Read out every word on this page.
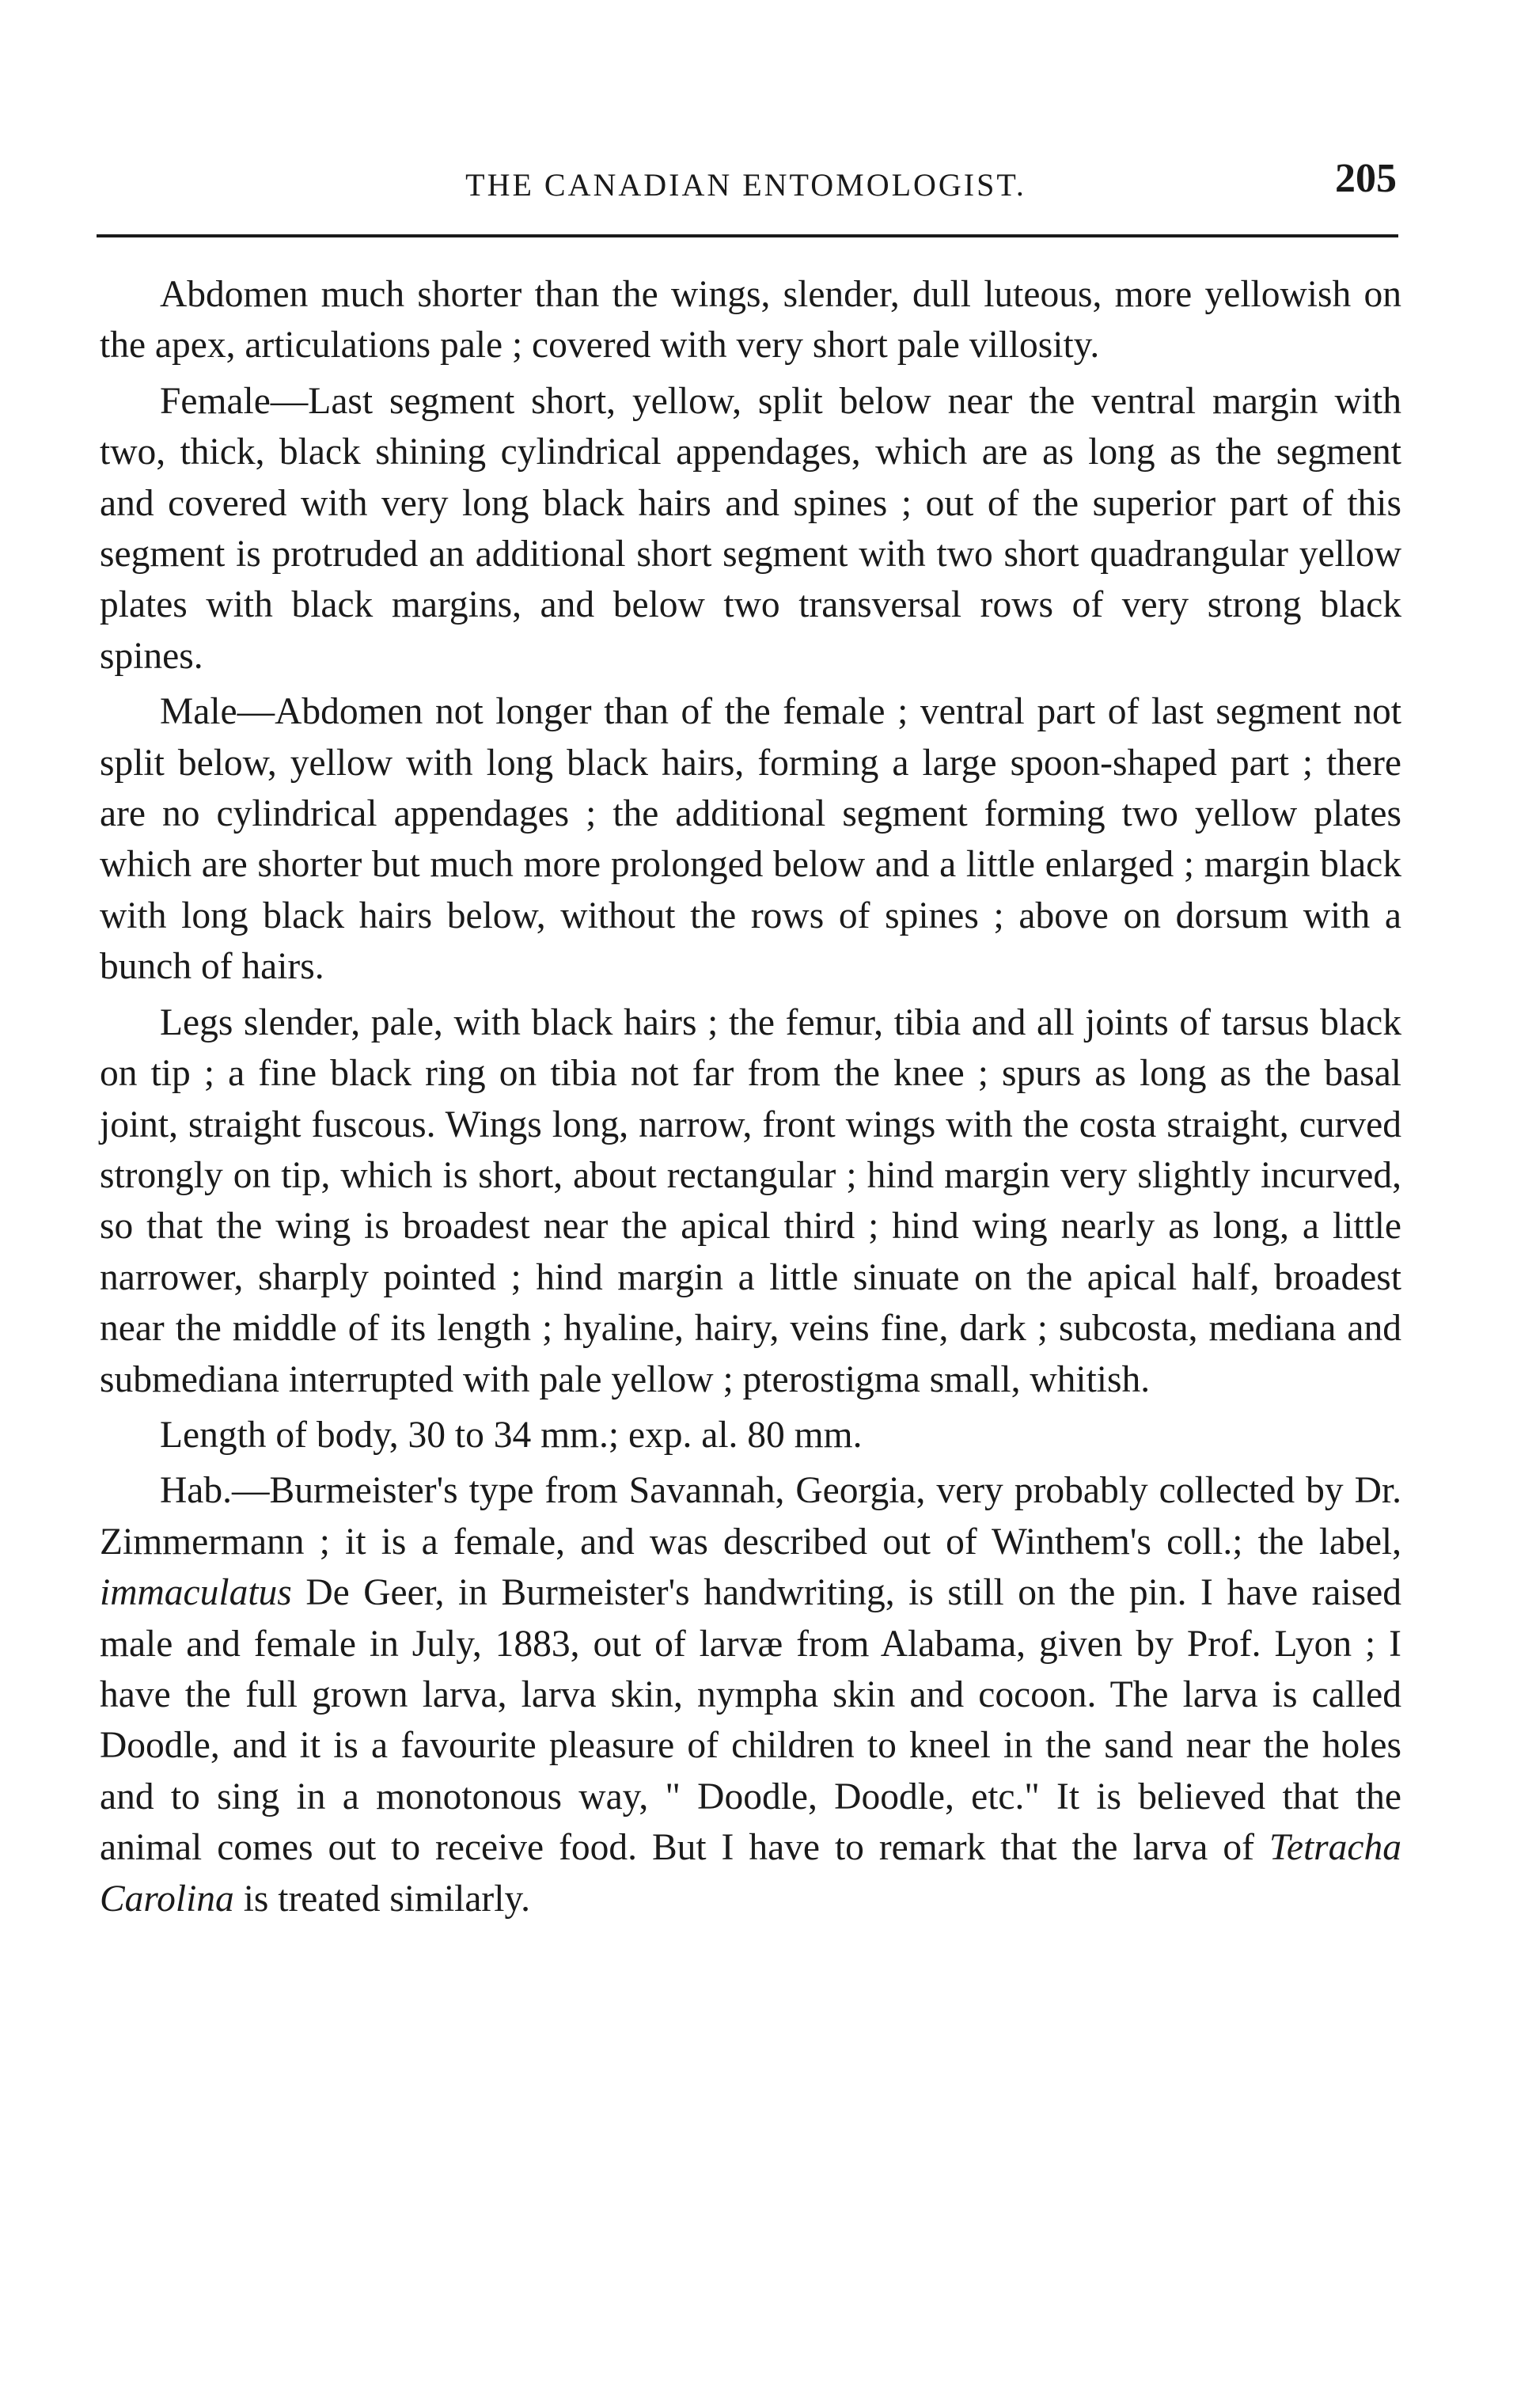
THE CANADIAN ENTOMOLOGIST.	205

Abdomen much shorter than the wings, slender, dull luteous, more yellowish on the apex, articulations pale ; covered with very short pale villosity.

Female—Last segment short, yellow, split below near the ventral margin with two, thick, black shining cylindrical appendages, which are as long as the segment and covered with very long black hairs and spines ; out of the superior part of this segment is protruded an additional short segment with two short quadrangular yellow plates with black margins, and below two transversal rows of very strong black spines.

Male—Abdomen not longer than of the female ; ventral part of last segment not split below, yellow with long black hairs, forming a large spoon-shaped part ; there are no cylindrical appendages ; the additional segment forming two yellow plates which are shorter but much more prolonged below and a little enlarged ; margin black with long black hairs below, without the rows of spines ; above on dorsum with a bunch of hairs.

Legs slender, pale, with black hairs ; the femur, tibia and all joints of tarsus black on tip ; a fine black ring on tibia not far from the knee ; spurs as long as the basal joint, straight fuscous. Wings long, narrow, front wings with the costa straight, curved strongly on tip, which is short, about rectangular ; hind margin very slightly incurved, so that the wing is broadest near the apical third ; hind wing nearly as long, a little narrower, sharply pointed ; hind margin a little sinuate on the apical half, broadest near the middle of its length ; hyaline, hairy, veins fine, dark ; subcosta, mediana and submediana interrupted with pale yellow ; pterostigma small, whitish.

Length of body, 30 to 34 mm.; exp. al. 80 mm.

Hab.—Burmeister's type from Savannah, Georgia, very probably collected by Dr. Zimmermann ; it is a female, and was described out of Winthem's coll.; the label, immaculatus De Geer, in Burmeister's handwriting, is still on the pin. I have raised male and female in July, 1883, out of larvæ from Alabama, given by Prof. Lyon ; I have the full grown larva, larva skin, nympha skin and cocoon. The larva is called Doodle, and it is a favourite pleasure of children to kneel in the sand near the holes and to sing in a monotonous way, " Doodle, Doodle, etc." It is believed that the animal comes out to receive food. But I have to remark that the larva of Tetracha Carolina is treated similarly.
